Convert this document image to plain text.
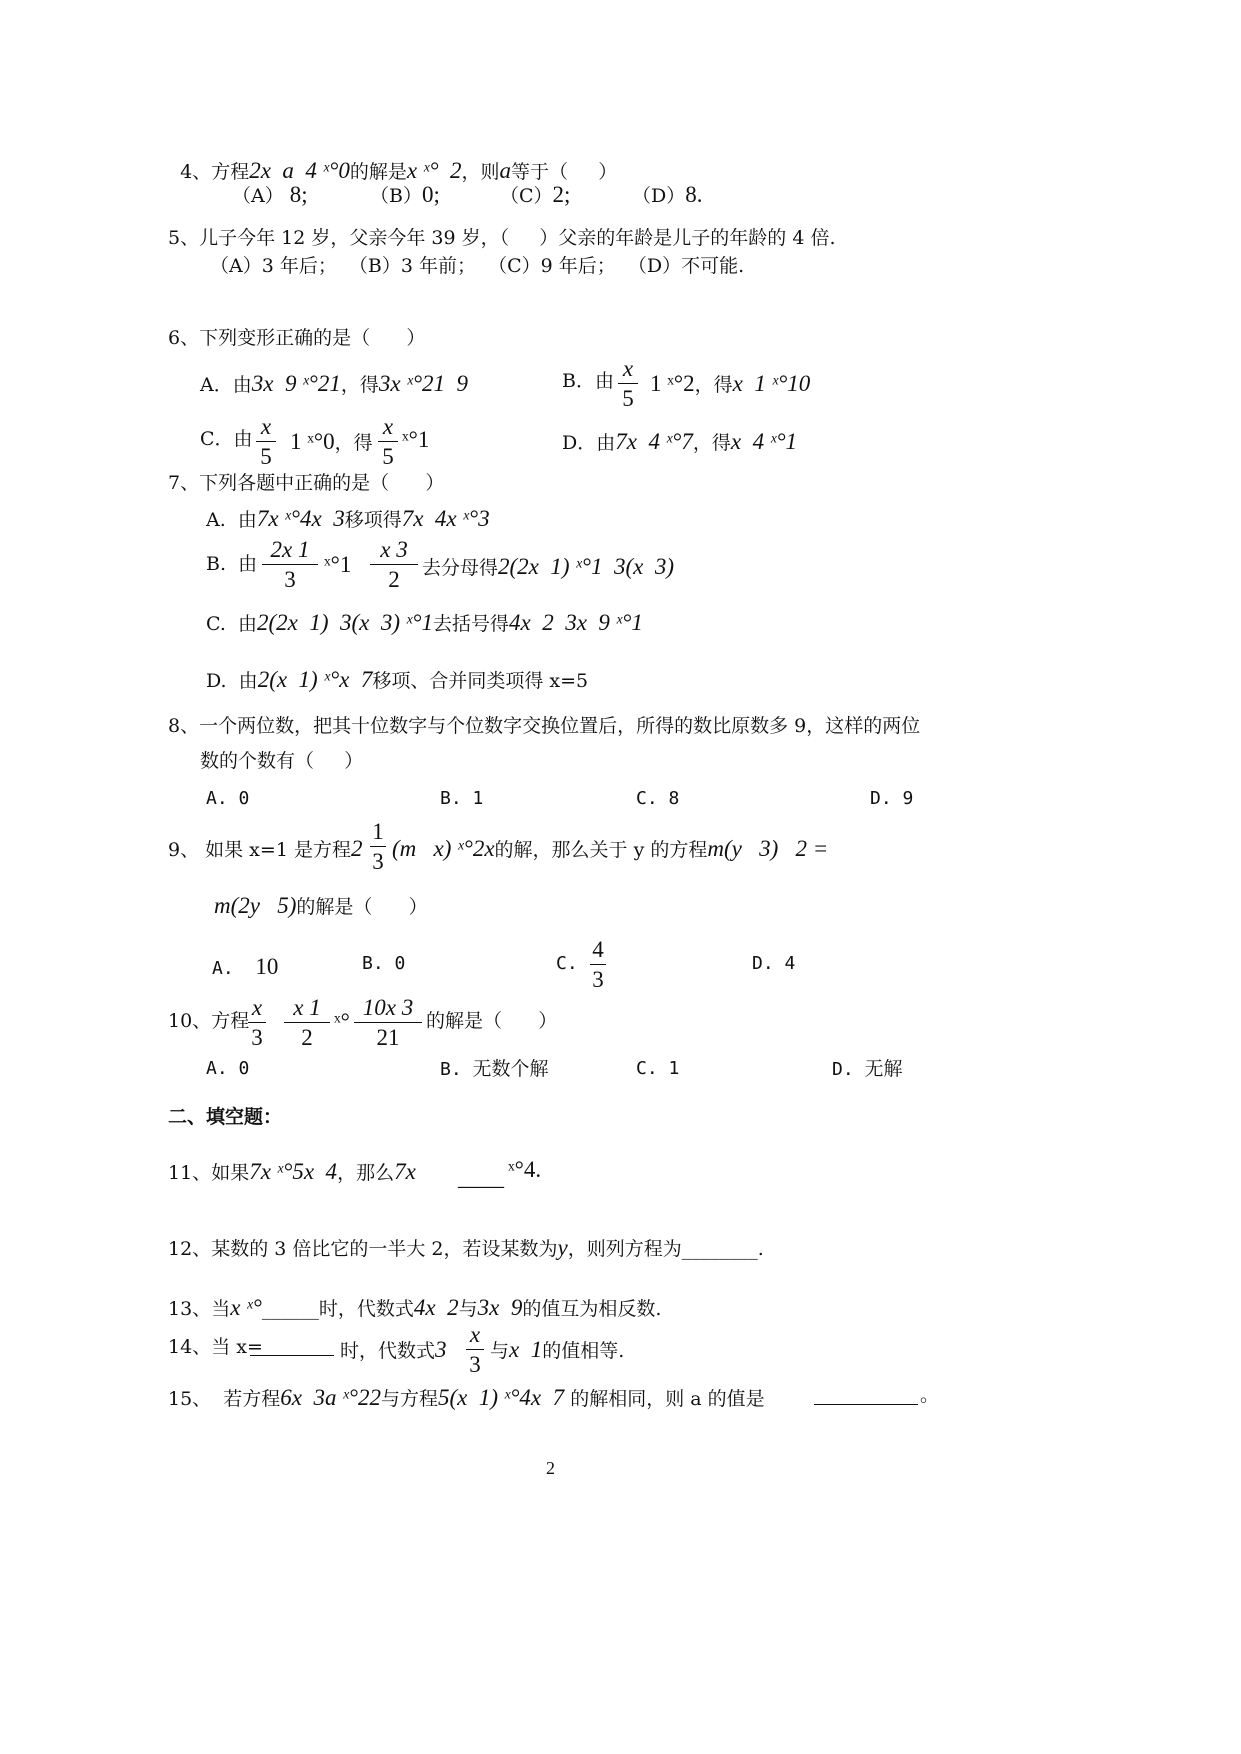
4、方程2x  a  4 ˣ°0的解是x ˣ°  2，则a等于（     ）

（A） 8;	（B）0;	（C）2;	（D）8.
5、儿子今年 12 岁，父亲今年 39 岁，（     ）父亲的年龄是儿子的年龄的 4 倍.
（A）3 年后；  （B）3 年前；  （C）9 年后；  （D）不可能.
6、下列变形正确的是（      ）
A．由3x  9 ˣ°21，得3x ˣ°21  9	B．由 x
5
1 ˣ°2，得x  1 ˣ°10
C．由 x
5
1 ˣ°0，得
x
5
ˣ°1	D．由7x  4 ˣ°7，得x  4 ˣ°1
7、下列各题中正确的是（      ）
A.  由7x ˣ°4x  3移项得7x  4x ˣ°3
B.  由
2x 1
3
ˣ°1
x 3
2	去分母得2(2x  1) ˣ°1  3(x  3)
C.  由2(2x  1)  3(x  3) ˣ°1去括号得4x  2  3x  9 ˣ°1
D.  由2(x  1) ˣ°x  7移项、合并同类项得 x=5
8、一个两位数，把其十位数字与个位数字交换位置后，所得的数比原数多 9，这样的两位
数的个数有（     ）
A. 0	B. 1	C. 8	D. 9
9、 如果 x=1 是方程2
1
3
(m   x) ˣ°2x的解，那么关于 y 的方程m(y   3)   2 =
m(2y   5)的解是（      ）
A. 10	B. 0	C.
4
3
D. 4
10、方程
x
3
x 1
2
ˣ°
10x 3
21
的解是（      ）
A. 0	B. 无数个解	C. 1	D. 无解
二、填空题：
11、如果7x ˣ°5x  4，那么7x ____ ˣ°4.
12、某数的 3 倍比它的一半大 2，若设某数为y，则列方程为________.
13、当x ˣ°______时，代数式4x  2与3x  9的值互为相反数.
14、当 x=	时，代数式3
x
3
与x  1的值相等.
15、 若方程6x  3a ˣ°22与方程5(x  1) ˣ°4x  7 的解相同，则 a 的值是	。
2
